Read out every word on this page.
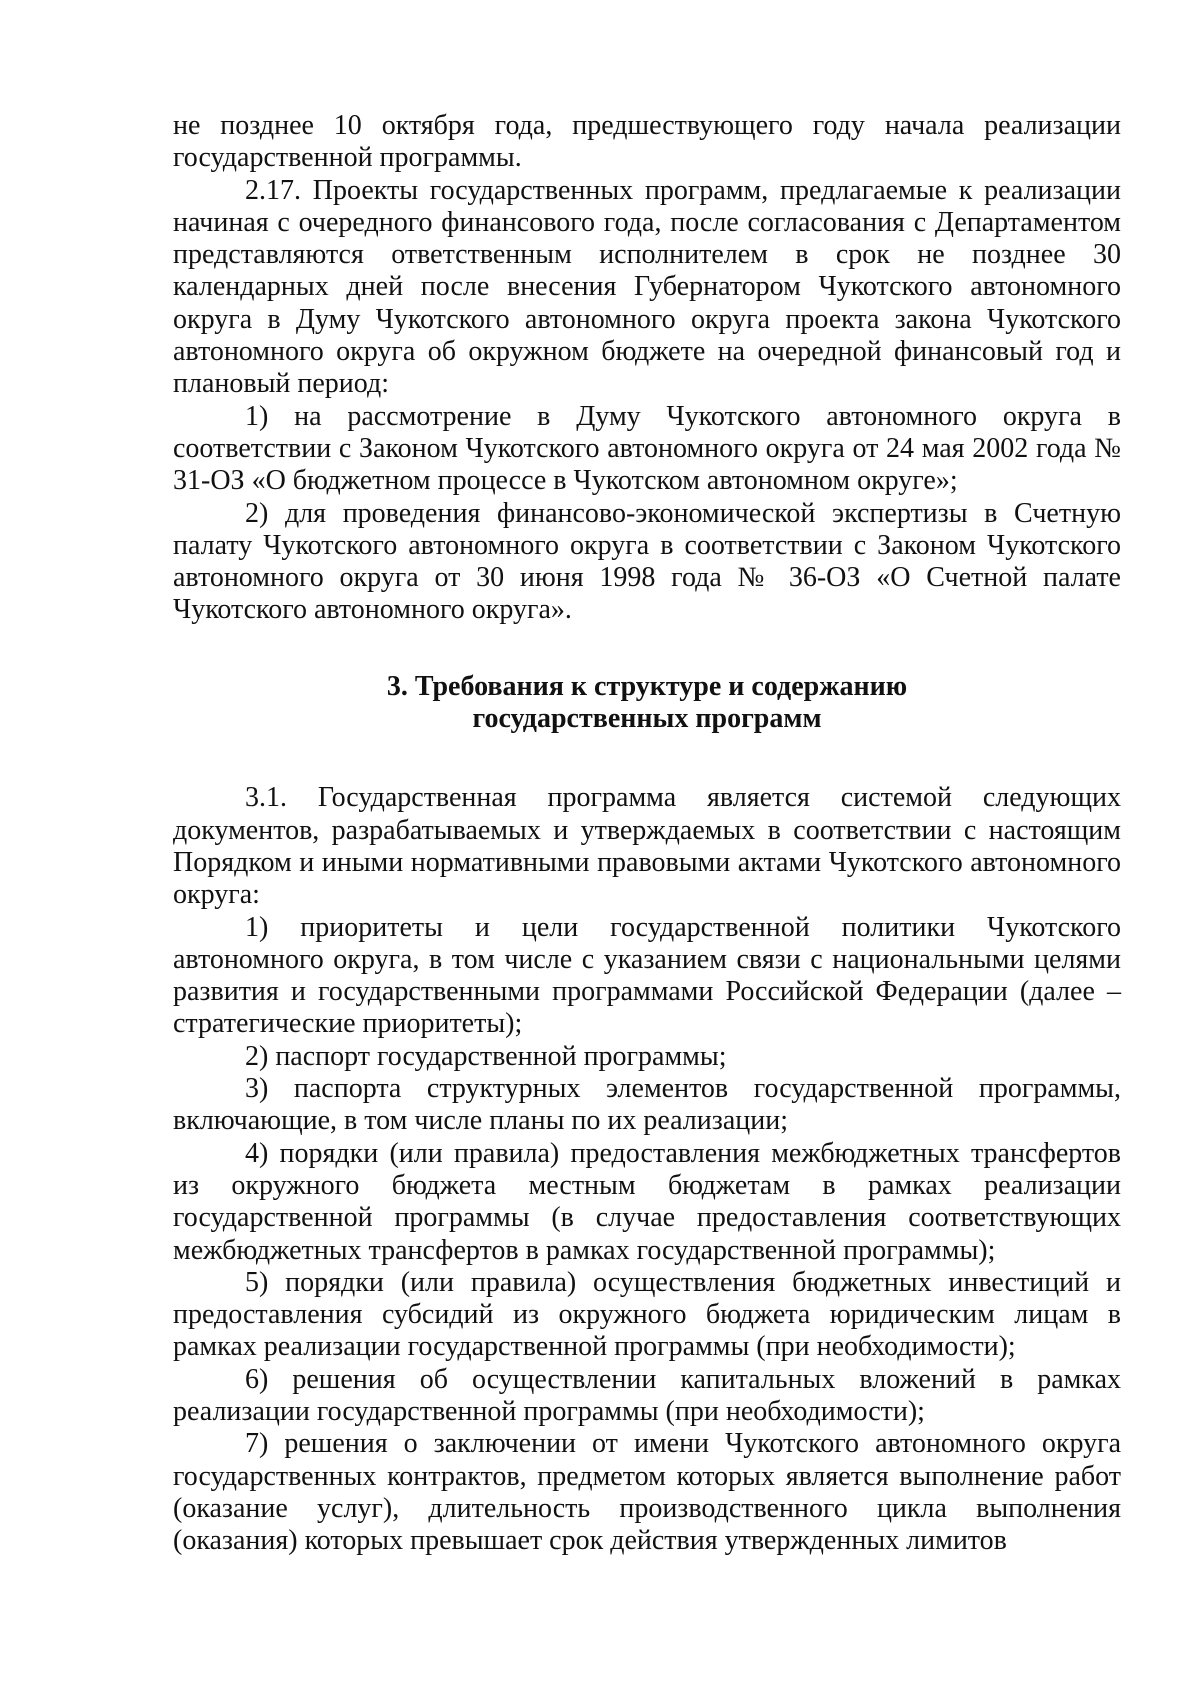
не позднее 10 октября года, предшествующего году начала реализации государственной программы.

2.17. Проекты государственных программ, предлагаемые к реализации начиная с очередного финансового года, после согласования с Департаментом представляются ответственным исполнителем в срок не позднее 30 календарных дней после внесения Губернатором Чукотского автономного округа в Думу Чукотского автономного округа проекта закона Чукотского автономного округа об окружном бюджете на очередной финансовый год и плановый период:

1) на рассмотрение в Думу Чукотского автономного округа в соответствии с Законом Чукотского автономного округа от 24 мая 2002 года № 31-ОЗ «О бюджетном процессе в Чукотском автономном округе»;

2) для проведения финансово-экономической экспертизы в Счетную палату Чукотского автономного округа в соответствии с Законом Чукотского автономного округа от 30 июня 1998 года № 36-ОЗ «О Счетной палате Чукотского автономного округа».

3. Требования к структуре и содержанию

государственных программ

3.1. Государственная программа является системой следующих документов, разрабатываемых и утверждаемых в соответствии с настоящим Порядком и иными нормативными правовыми актами Чукотского автономного округа:

1) приоритеты и цели государственной политики Чукотского автономного округа, в том числе с указанием связи с национальными целями развития и государственными программами Российской Федерации (далее – стратегические приоритеты);

2) паспорт государственной программы;

3) паспорта структурных элементов государственной программы, включающие, в том числе планы по их реализации;

4) порядки (или правила) предоставления межбюджетных трансфертов из окружного бюджета местным бюджетам в рамках реализации государственной программы (в случае предоставления соответствующих межбюджетных трансфертов в рамках государственной программы);

5) порядки (или правила) осуществления бюджетных инвестиций и предоставления субсидий из окружного бюджета юридическим лицам в рамках реализации государственной программы (при необходимости);

6) решения об осуществлении капитальных вложений в рамках реализации государственной программы (при необходимости);

7) решения о заключении от имени Чукотского автономного округа государственных контрактов, предметом которых является выполнение работ (оказание услуг), длительность производственного цикла выполнения (оказания) которых превышает срок действия утвержденных лимитов
